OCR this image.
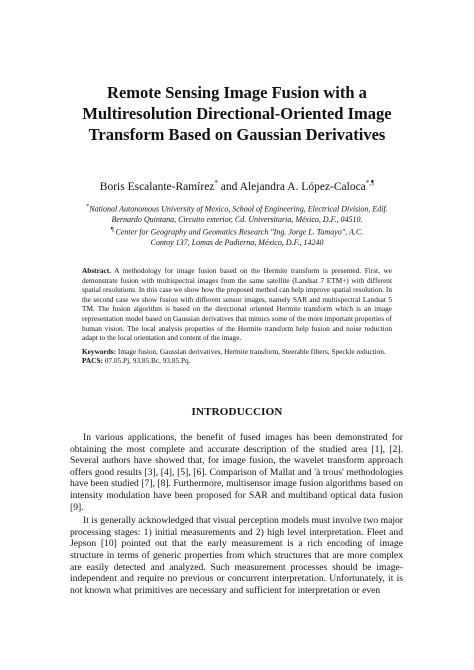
Remote Sensing Image Fusion with a
Multiresolution Directional-Oriented Image
Transform Based on Gaussian Derivatives
Boris Escalante-Ramírez* and Alejandra A. López-Caloca*,¶
*National Autonomous University of Mexico, School of Engineering, Electrical Division, Edif.
Bernardo Quintana, Circuito exterior, Cd. Universitaria, México, D.F., 04510.
¶ Center for Geography and Geomatics Research "Ing. Jorge L. Tamayo", A.C.
Contoy 137, Lomas de Padierna, México, D.F., 14240
Abstract. A methodology for image fusion based on the Hermite transform is presented. First, we demonstrate fusion with multispectral images from the same satellite (Landsat 7 ETM+) with different spatial resolutions. In this case we show how the proposed method can help improve spatial resolution. In the second case we show fusion with different sensor images, namely SAR and multispectral Landsat 5 TM. The fusion algorithm is based on the directional oriented Hermite transform which is an image representation model based on Gaussian derivatives that mimics some of the more important properties of human vision. The local analysis properties of the Hermite transform help fusion and noise reduction adapt to the local orientation and content of the image.
Keywords: Image fusion, Gaussian derivatives, Hermite transform, Steerable filters, Speckle reduction.
PACS: 07.05.Pj, 93.85.Bc, 93.85.Pq.
INTRODUCCION

In various applications, the benefit of fused images has been demonstrated for obtaining the most complete and accurate description of the studied area [1], [2]. Several authors have showed that, for image fusion, the wavelet transform approach offers good results [3], [4], [5], [6]. Comparison of Mallat and 'à trous' methodologies have been studied [7], [8]. Furthermore, multisensor image fusion algorithms based on intensity modulation have been proposed for SAR and multiband optical data fusion [9].

It is generally acknowledged that visual perception models must involve two major processing stages: 1) initial measurements and 2) high level interpretation. Fleet and Jepson [10] pointed out that the early measurement is a rich encoding of image structure in terms of generic properties from which structures that are more complex are easily detected and analyzed. Such measurement processes should be image-independent and require no previous or concurrent interpretation. Unfortunately, it is not known what primitives are necessary and sufficient for interpretation or even
